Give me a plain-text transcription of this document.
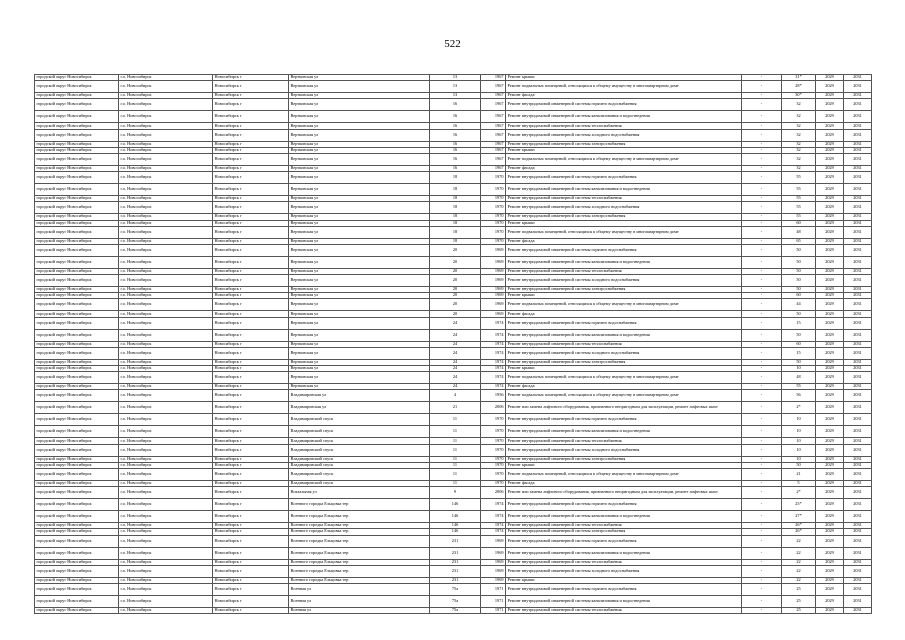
522
городской округ Новосибирск	г.о. Новосибирск	Новосибирск г	Вертковская ул	13	1967	Ремонт крыши	-	31*	2029	2031
городской округ Новосибирск	г.о. Новосибирск	Новосибирск г	Вертковская ул	13	1967	Ремонт подвальных помещений, относящихся к общему имуществу в многоквартирном доме	-	28*	2029	2031
городской округ Новосибирск	г.о. Новосибирск	Новосибирск г	Вертковская ул	13	1967	Ремонт фасада	-	30*	2029	2031
городской округ Новосибирск	г.о. Новосибирск	Новосибирск г	Вертковская ул	16	1967	Ремонт внутридомовой инженерной системы горячего водоснабжения	-	32	2029	2031
городской округ Новосибирск	г.о. Новосибирск	Новосибирск г	Вертковская ул	16	1967	Ремонт внутридомовой инженерной системы канализования и водоотведения	-	32	2029	2031
городской округ Новосибирск	г.о. Новосибирск	Новосибирск г	Вертковская ул	16	1967	Ремонт внутридомовой инженерной системы теплоснабжения	-	32	2029	2031
городской округ Новосибирск	г.о. Новосибирск	Новосибирск г	Вертковская ул	16	1967	Ремонт внутридомовой инженерной системы холодного водоснабжения	-	32	2029	2031
городской округ Новосибирск	г.о. Новосибирск	Новосибирск г	Вертковская ул	16	1967	Ремонт внутридомовой инженерной системы электроснабжения	-	32	2029	2031
городской округ Новосибирск	г.о. Новосибирск	Новосибирск г	Вертковская ул	16	1967	Ремонт крыши	-	32	2029	2031
городской округ Новосибирск	г.о. Новосибирск	Новосибирск г	Вертковская ул	16	1967	Ремонт подвальных помещений, относящихся к общему имуществу в многоквартирном доме	-	32	2029	2031
городской округ Новосибирск	г.о. Новосибирск	Новосибирск г	Вертковская ул	16	1967	Ремонт фасада	-	32	2029	2031
городской округ Новосибирск	г.о. Новосибирск	Новосибирск г	Вертковская ул	18	1970	Ремонт внутридомовой инженерной системы горячего водоснабжения	-	55	2029	2031
городской округ Новосибирск	г.о. Новосибирск	Новосибирск г	Вертковская ул	18	1970	Ремонт внутридомовой инженерной системы канализования и водоотведения	-	55	2029	2031
городской округ Новосибирск	г.о. Новосибирск	Новосибирск г	Вертковская ул	18	1970	Ремонт внутридомовой инженерной системы теплоснабжения	-	55	2029	2031
городской округ Новосибирск	г.о. Новосибирск	Новосибирск г	Вертковская ул	18	1970	Ремонт внутридомовой инженерной системы холодного водоснабжения	-	55	2029	2031
городской округ Новосибирск	г.о. Новосибирск	Новосибирск г	Вертковская ул	18	1970	Ремонт внутридомовой инженерной системы электроснабжения	-	55	2029	2031
городской округ Новосибирск	г.о. Новосибирск	Новосибирск г	Вертковская ул	18	1970	Ремонт крыши	-	60	2029	2031
городской округ Новосибирск	г.о. Новосибирск	Новосибирск г	Вертковская ул	18	1970	Ремонт подвальных помещений, относящихся к общему имуществу в многоквартирном доме	-	48	2029	2031
городской округ Новосибирск	г.о. Новосибирск	Новосибирск г	Вертковская ул	18	1970	Ремонт фасада	-	65	2029	2031
городской округ Новосибирск	г.о. Новосибирск	Новосибирск г	Вертковская ул	20	1969	Ремонт внутридомовой инженерной системы горячего водоснабжения	-	50	2029	2031
городской округ Новосибирск	г.о. Новосибирск	Новосибирск г	Вертковская ул	20	1969	Ремонт внутридомовой инженерной системы канализования и водоотведения	-	50	2029	2031
городской округ Новосибирск	г.о. Новосибирск	Новосибирск г	Вертковская ул	20	1969	Ремонт внутридомовой инженерной системы теплоснабжения	-	50	2029	2031
городской округ Новосибирск	г.о. Новосибирск	Новосибирск г	Вертковская ул	20	1969	Ремонт внутридомовой инженерной системы холодного водоснабжения	-	50	2029	2031
городской округ Новосибирск	г.о. Новосибирск	Новосибирск г	Вертковская ул	20	1969	Ремонт внутридомовой инженерной системы электроснабжения	-	50	2029	2031
городской округ Новосибирск	г.о. Новосибирск	Новосибирск г	Вертковская ул	20	1969	Ремонт крыши	-	60	2029	2031
городской округ Новосибирск	г.о. Новосибирск	Новосибирск г	Вертковская ул	20	1969	Ремонт подвальных помещений, относящихся к общему имуществу в многоквартирном доме	-	44	2029	2031
городской округ Новосибирск	г.о. Новосибирск	Новосибирск г	Вертковская ул	20	1969	Ремонт фасада	-	50	2029	2031
городской округ Новосибирск	г.о. Новосибирск	Новосибирск г	Вертковская ул	24	1974	Ремонт внутридомовой инженерной системы горячего водоснабжения	-	15	2029	2031
городской округ Новосибирск	г.о. Новосибирск	Новосибирск г	Вертковская ул	24	1974	Ремонт внутридомовой инженерной системы канализования и водоотведения	-	50	2029	2031
городской округ Новосибирск	г.о. Новосибирск	Новосибирск г	Вертковская ул	24	1974	Ремонт внутридомовой инженерной системы теплоснабжения	-	60	2029	2031
городской округ Новосибирск	г.о. Новосибирск	Новосибирск г	Вертковская ул	24	1974	Ремонт внутридомовой инженерной системы холодного водоснабжения	-	15	2029	2031
городской округ Новосибирск	г.о. Новосибирск	Новосибирск г	Вертковская ул	24	1974	Ремонт внутридомовой инженерной системы электроснабжения	-	50	2029	2031
городской округ Новосибирск	г.о. Новосибирск	Новосибирск г	Вертковская ул	24	1974	Ремонт крыши	-	10	2029	2031
городской округ Новосибирск	г.о. Новосибирск	Новосибирск г	Вертковская ул	24	1974	Ремонт подвальных помещений, относящихся к общему имуществу в многоквартирном доме	-	48	2029	2031
городской округ Новосибирск	г.о. Новосибирск	Новосибирск г	Вертковская ул	24	1974	Ремонт фасада	-	55	2029	2031
городской округ Новосибирск	г.о. Новосибирск	Новосибирск г	Владимировская ул	4	1956	Ремонт подвальных помещений, относящихся к общему имуществу в многоквартирном доме	-	56	2029	2031
городской округ Новосибирск	г.о. Новосибирск	Новосибирск г	Владимировская ул	21	2006	Ремонт или замена лифтового оборудования, признанного непригодным для эксплуатации, ремонт лифтовых шахт	-	2*	2029	2031
городской округ Новосибирск	г.о. Новосибирск	Новосибирск г	Владимировский спуск	11	1970	Ремонт внутридомовой инженерной системы горячего водоснабжения	-	10	2029	2031
городской округ Новосибирск	г.о. Новосибирск	Новосибирск г	Владимировский спуск	11	1970	Ремонт внутридомовой инженерной системы канализования и водоотведения	-	10	2029	2031
городской округ Новосибирск	г.о. Новосибирск	Новосибирск г	Владимировский спуск	11	1970	Ремонт внутридомовой инженерной системы теплоснабжения	-	10	2029	2031
городской округ Новосибирск	г.о. Новосибирск	Новосибирск г	Владимировский спуск	11	1970	Ремонт внутридомовой инженерной системы холодного водоснабжения	-	10	2029	2031
городской округ Новосибирск	г.о. Новосибирск	Новосибирск г	Владимировский спуск	11	1970	Ремонт внутридомовой инженерной системы электроснабжения	-	10	2029	2031
городской округ Новосибирск	г.о. Новосибирск	Новосибирск г	Владимировский спуск	11	1970	Ремонт крыши	-	50	2029	2031
городской округ Новосибирск	г.о. Новосибирск	Новосибирск г	Владимировский спуск	11	1970	Ремонт подвальных помещений, относящихся к общему имуществу в многоквартирном доме	-	21	2029	2031
городской округ Новосибирск	г.о. Новосибирск	Новосибирск г	Владимировский спуск	11	1970	Ремонт фасада	-	5	2029	2031
городской округ Новосибирск	г.о. Новосибирск	Новосибирск г	Вокзальная ул	9	2006	Ремонт или замена лифтового оборудования, признанного непригодным для эксплуатации, ремонт лифтовых шахт	-	2*	2029	2031
городской округ Новосибирск	г.о. Новосибирск	Новосибирск г	Военного городка Ельцовка тер	146	1974	Ремонт внутридомовой инженерной системы горячего водоснабжения	-	25*	2029	2031
городской округ Новосибирск	г.о. Новосибирск	Новосибирск г	Военного городка Ельцовка тер	146	1974	Ремонт внутридомовой инженерной системы канализования и водоотведения	-	27*	2029	2031
городской округ Новосибирск	г.о. Новосибирск	Новосибирск г	Военного городка Ельцовка тер	146	1974	Ремонт внутридомовой инженерной системы теплоснабжения	-	26*	2029	2031
городской округ Новосибирск	г.о. Новосибирск	Новосибирск г	Военного городка Ельцовка тер	146	1974	Ремонт внутридомовой инженерной системы электроснабжения	-	26*	2029	2031
городской округ Новосибирск	г.о. Новосибирск	Новосибирск г	Военного городка Ельцовка тер	231	1969	Ремонт внутридомовой инженерной системы горячего водоснабжения	-	22	2029	2031
городской округ Новосибирск	г.о. Новосибирск	Новосибирск г	Военного городка Ельцовка тер	231	1969	Ремонт внутридомовой инженерной системы канализования и водоотведения	-	22	2029	2031
городской округ Новосибирск	г.о. Новосибирск	Новосибирск г	Военного городка Ельцовка тер	231	1969	Ремонт внутридомовой инженерной системы теплоснабжения	-	22	2029	2031
городской округ Новосибирск	г.о. Новосибирск	Новосибирск г	Военного городка Ельцовка тер	231	1969	Ремонт внутридомовой инженерной системы холодного водоснабжения	-	22	2029	2031
городской округ Новосибирск	г.о. Новосибирск	Новосибирск г	Военного городка Ельцовка тер	231	1969	Ремонт крыши	-	22	2029	2031
городской округ Новосибирск	г.о. Новосибирск	Новосибирск г	Военная ул	75а	1971	Ремонт внутридомовой инженерной системы горячего водоснабжения	-	25	2029	2031
городской округ Новосибирск	г.о. Новосибирск	Новосибирск г	Военная ул	75а	1971	Ремонт внутридомовой инженерной системы канализования и водоотведения	-	25	2029	2031
городской округ Новосибирск	г.о. Новосибирск	Новосибирск г	Военная ул	75а	1971	Ремонт внутридомовой инженерной системы теплоснабжения	-	25	2029	2031
